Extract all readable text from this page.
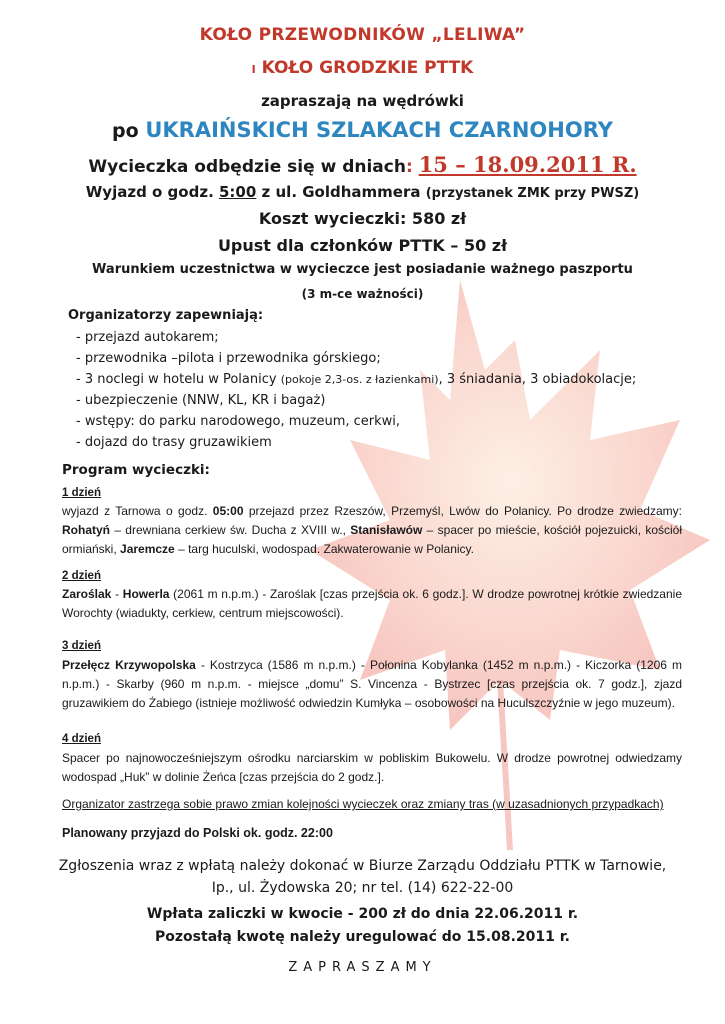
KOŁO PRZEWODNIKÓW „LELIWA”
I KOŁO GRODZKIE PTTK
zapraszają na wędrówki
po UKRAIŃSKICH SZLAKACH CZARNOHORY
Wycieczka odbędzie się w dniach: 15 – 18.09.2011 R.
Wyjazd o godz. 5:00 z ul. Goldhammera (przystanek ZMK przy PWSZ)
Koszt wycieczki: 580 zł
Upust dla członków PTTK – 50 zł
Warunkiem uczestnictwa w wycieczce jest posiadanie ważnego paszportu
(3 m-ce ważności)
Organizatorzy zapewniają:
- przejazd autokarem;
- przewodnika –pilota i przewodnika górskiego;
- 3 noclegi w hotelu w Polanicy (pokoje 2,3-os. z łazienkami), 3 śniadania, 3 obiadokolacje;
- ubezpieczenie (NNW, KL, KR i bagaż)
- wstępy: do parku narodowego, muzeum, cerkwi,
- dojazd do trasy gruzawikiem
Program wycieczki:
1 dzień
wyjazd z Tarnowa o godz. 05:00 przejazd przez Rzeszów, Przemyśl, Lwów do Polanicy. Po drodze zwiedzamy: Rohatyń – drewniana cerkiew św. Ducha z XVIII w., Stanisławów – spacer po mieście, kościół pojezuicki, kościół ormiański, Jaremcze – targ huculski, wodospad. Zakwaterowanie w Polanicy.
2 dzień
Zaroślak - Howerla (2061 m n.p.m.) - Zaroślak [czas przejścia ok. 6 godz.]. W drodze powrotnej krótkie zwiedzanie Worochty (wiadukty, cerkiew, centrum miejscowości).
3 dzień
Przełęcz Krzywopolska - Kostrzyca (1586 m n.p.m.) - Połonina Kobylanka (1452 m n.p.m.) - Kiczorka (1206 m n.p.m.) - Skarby (960 m n.p.m. - miejsce „domu” S. Vincenza - Bystrzec [czas przejścia ok. 7 godz.], zjazd gruzawikiem do Żabiego (istnieje możliwość odwiedzin Kumłyka – osobowości na Huculszczyźnie w jego muzeum).
4 dzień
Spacer po najnowocześniejszym ośrodku narciarskim w pobliskim Bukowelu. W drodze powrotnej odwiedzamy wodospad „Huk” w dolinie Żeńca [czas przejścia do 2 godz.].
Organizator zastrzega sobie prawo zmian kolejności wycieczek oraz zmiany tras (w uzasadnionych przypadkach)
Planowany przyjazd do Polski ok. godz. 22:00
Zgłoszenia wraz z wpłatą należy dokonać w Biurze Zarządu Oddziału PTTK w Tarnowie,
Ip., ul. Żydowska 20; nr tel. (14) 622-22-00
Wpłata zaliczki w kwocie - 200 zł do dnia 22.06.2011 r.
Pozostałą kwotę należy uregulować do 15.08.2011 r.
ZAPRASZAMY
